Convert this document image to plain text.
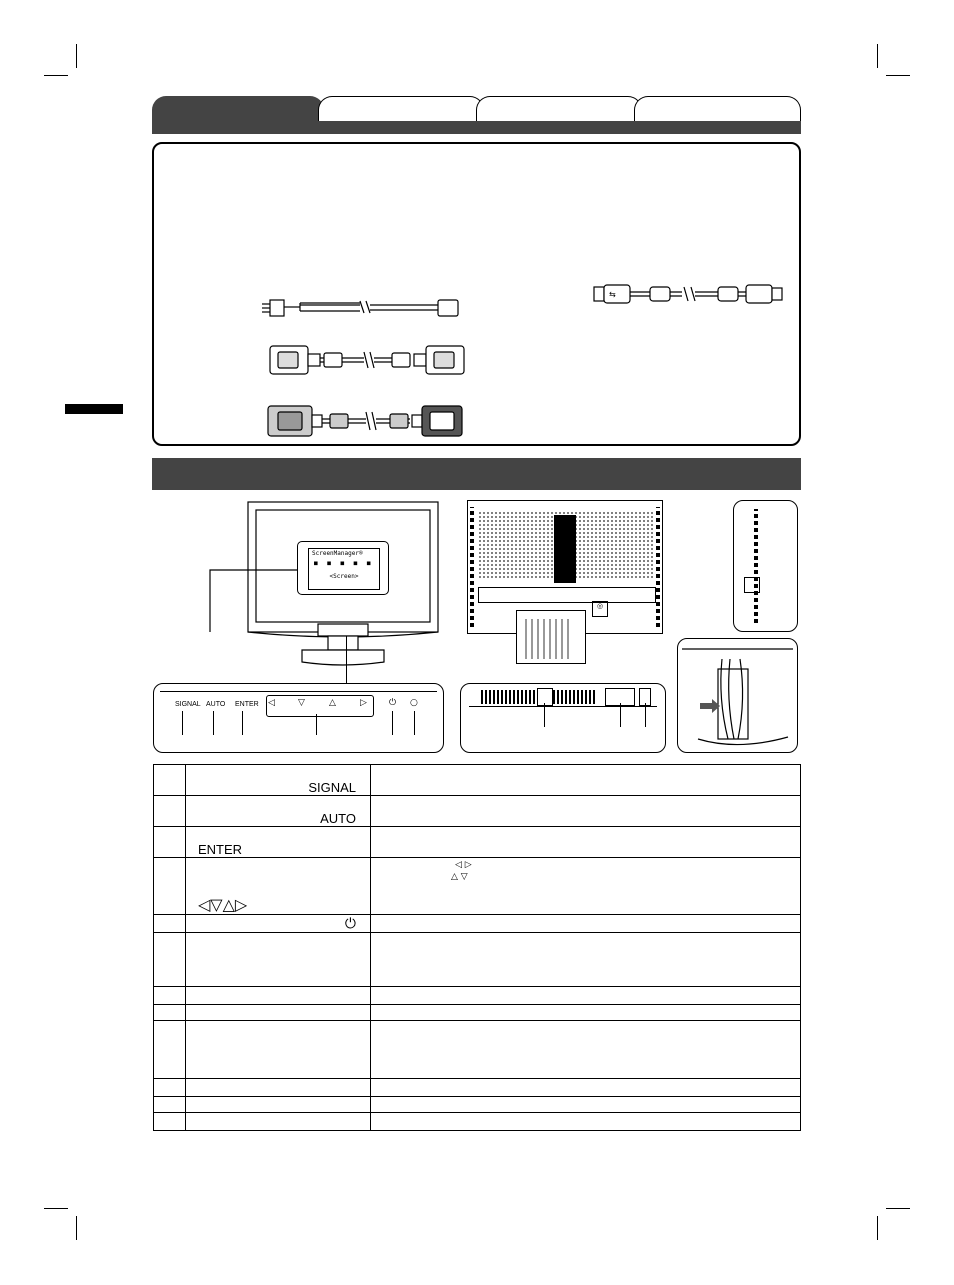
⇆
ScreenManager®
■ ■ ■ ■ ■
<Screen>
SIGNAL AUTO ENTER ◁	▽	△	▷ ⏻ ○
◎
	SIGNAL	
	AUTO	
	ENTER	
	◁▽△▷	◁ ▷
△ ▽

	⏻	
